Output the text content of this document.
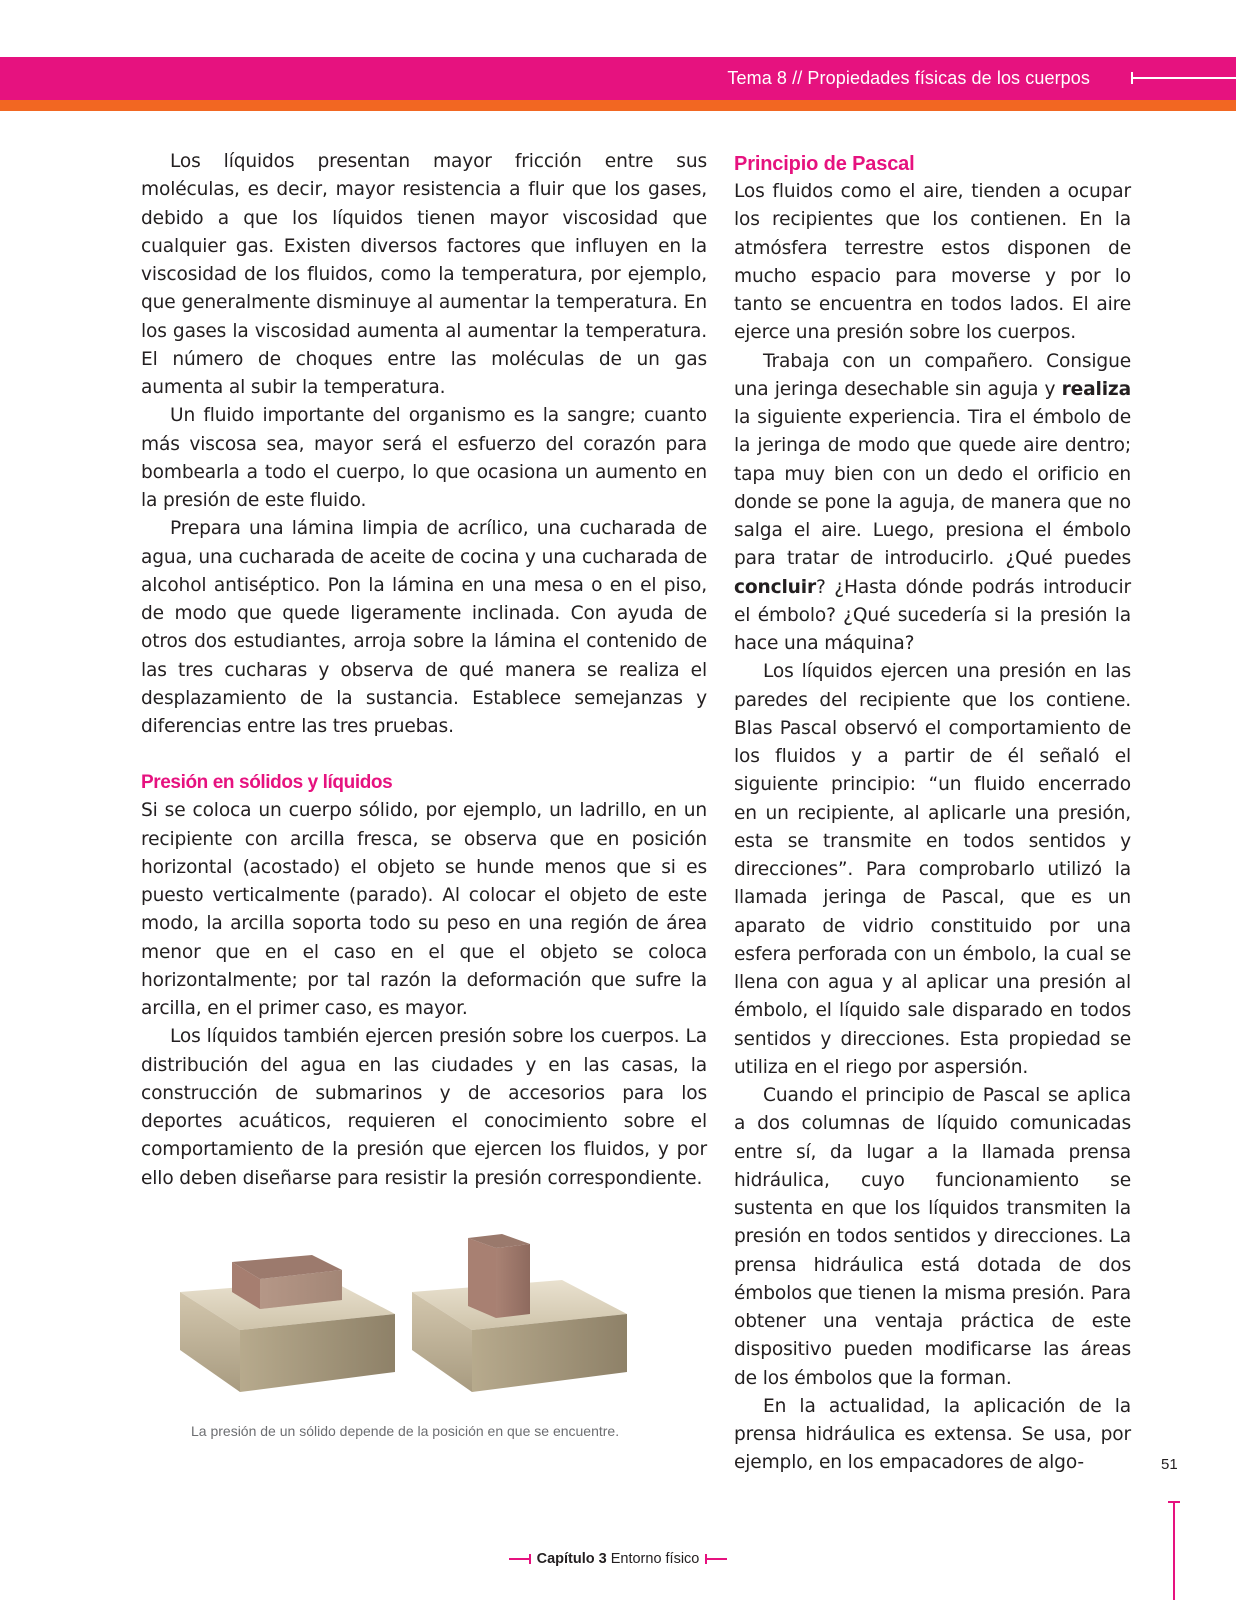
Tema 8 // Propiedades físicas de los cuerpos

Los líquidos presentan mayor fricción entre sus moléculas, es decir, mayor resistencia a fluir que los gases, debido a que los líquidos tienen mayor viscosidad que cualquier gas. Existen diversos factores que influyen en la viscosidad de los fluidos, como la temperatura, por ejemplo, que generalmente disminuye al aumentar la temperatura. En los gases la viscosidad aumenta al aumentar la temperatura. El número de choques entre las moléculas de un gas aumenta al subir la temperatura.

Un fluido importante del organismo es la sangre; cuanto más viscosa sea, mayor será el esfuerzo del corazón para bombearla a todo el cuerpo, lo que ocasiona un aumento en la presión de este fluido.

Prepara una lámina limpia de acrílico, una cucharada de agua, una cucharada de aceite de cocina y una cucharada de alcohol antiséptico. Pon la lámina en una mesa o en el piso, de modo que quede ligeramente inclinada. Con ayuda de otros dos estudiantes, arroja sobre la lámina el contenido de las tres cucharas y observa de qué manera se realiza el desplazamiento de la sustancia. Establece semejanzas y diferencias entre las tres pruebas.

Presión en sólidos y líquidos

Si se coloca un cuerpo sólido, por ejemplo, un ladrillo, en un recipiente con arcilla fresca, se observa que en posición horizontal (acostado) el objeto se hunde menos que si es puesto verticalmente (parado). Al colocar el objeto de este modo, la arcilla soporta todo su peso en una región de área menor que en el caso en el que el objeto se coloca horizontalmente; por tal razón la deformación que sufre la arcilla, en el primer caso, es mayor.

Los líquidos también ejercen presión sobre los cuerpos. La distribución del agua en las ciudades y en las casas, la construcción de submarinos y de accesorios para los deportes acuáticos, requieren el conocimiento sobre el comportamiento de la presión que ejercen los fluidos, y por ello deben diseñarse para resistir la presión correspondiente.

La presión de un sólido depende de la posición en que se encuentre.
Principio de Pascal

Los fluidos como el aire, tienden a ocupar los recipientes que los contienen. En la atmósfera terrestre estos disponen de mucho espacio para moverse y por lo tanto se encuentra en todos lados. El aire ejerce una presión sobre los cuerpos.

Trabaja con un compañero. Consigue una jeringa desechable sin aguja y realiza la siguiente experiencia. Tira el émbolo de la jeringa de modo que quede aire dentro; tapa muy bien con un dedo el orificio en donde se pone la aguja, de manera que no salga el aire. Luego, presiona el émbolo para tratar de introducirlo. ¿Qué puedes concluir? ¿Hasta dónde podrás introducir el émbolo? ¿Qué sucedería si la presión la hace una máquina?

Los líquidos ejercen una presión en las paredes del recipiente que los contiene. Blas Pascal observó el comportamiento de los fluidos y a partir de él señaló el siguiente principio: “un fluido encerrado en un recipiente, al aplicarle una presión, esta se transmite en todos sentidos y direcciones”. Para comprobarlo utilizó la llamada jeringa de Pascal, que es un aparato de vidrio constituido por una esfera perforada con un émbolo, la cual se llena con agua y al aplicar una presión al émbolo, el líquido sale disparado en todos sentidos y direcciones. Esta propiedad se utiliza en el riego por aspersión.

Cuando el principio de Pascal se aplica a dos columnas de líquido comunicadas entre sí, da lugar a la llamada prensa hidráulica, cuyo funcionamiento se sustenta en que los líquidos transmiten la presión en todos sentidos y direcciones. La prensa hidráulica está dotada de dos émbolos que tienen la misma presión. Para obtener una ventaja práctica de este dispositivo pueden modificarse las áreas de los émbolos que la forman.

En la actualidad, la aplicación de la prensa hidráulica es extensa. Se usa, por ejemplo, en los empacadores de algo-	51
Capítulo 3 Entorno físico
